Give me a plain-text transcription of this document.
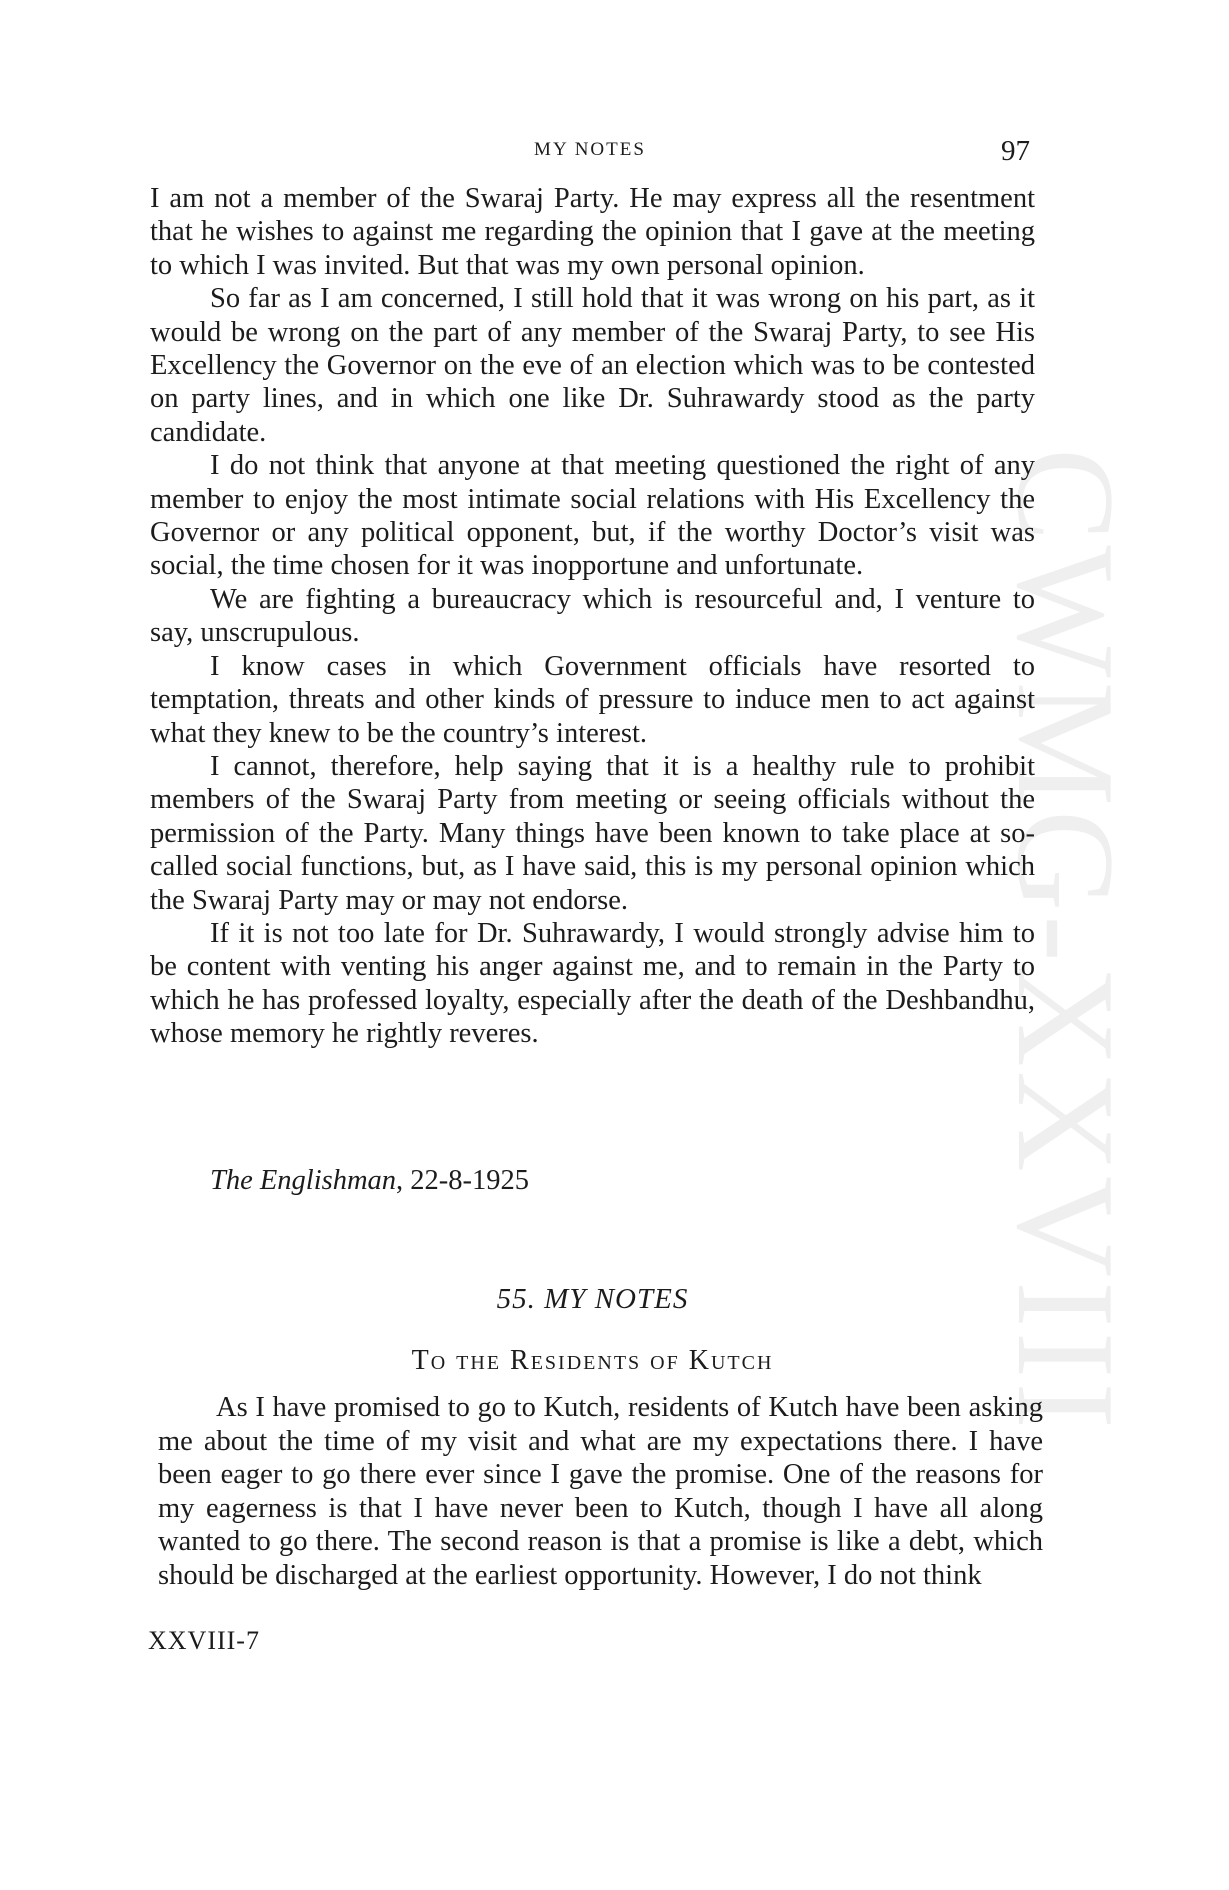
CWMG-XXVIII
MY NOTES	97

I am not a member of the Swaraj Party. He may express all the resentment that he wishes to against me regarding the opinion that I gave at the meeting to which I was invited. But that was my own personal opinion.

So far as I am concerned, I still hold that it was wrong on his part, as it would be wrong on the part of any member of the Swaraj Party, to see His Excellency the Governor on the eve of an election which was to be contested on party lines, and in which one like Dr. Suhrawardy stood as the party candidate.

I do not think that anyone at that meeting questioned the right of any member to enjoy the most intimate social relations with His Excellency the Governor or any political opponent, but, if the worthy Doctor’s visit was social, the time chosen for it was inopportune and unfortunate.

We are fighting a bureaucracy which is resourceful and, I venture to say, unscrupulous.

I know cases in which Government officials have resorted to temptation, threats and other kinds of pressure to induce men to act against what they knew to be the country’s interest.

I cannot, therefore, help saying that it is a healthy rule to prohibit members of the Swaraj Party from meeting or seeing officials without the permission of the Party. Many things have been known to take place at so-called social functions, but, as I have said, this is my personal opinion which the Swaraj Party may or may not endorse.

If it is not too late for Dr. Suhrawardy, I would strongly advise him to be content with venting his anger against me, and to remain in the Party to which he has professed loyalty, especially after the death of the Deshbandhu, whose memory he rightly reveres.

The Englishman, 22-8-1925
55. MY NOTES
To the Residents of Kutch

As I have promised to go to Kutch, residents of Kutch have been asking me about the time of my visit and what are my expectations there. I have been eager to go there ever since I gave the promise. One of the reasons for my eagerness is that I have never been to Kutch, though I have all along wanted to go there. The second reason is that a promise is like a debt, which should be discharged at the earliest opportunity. However, I do not think

XXVIII-7
